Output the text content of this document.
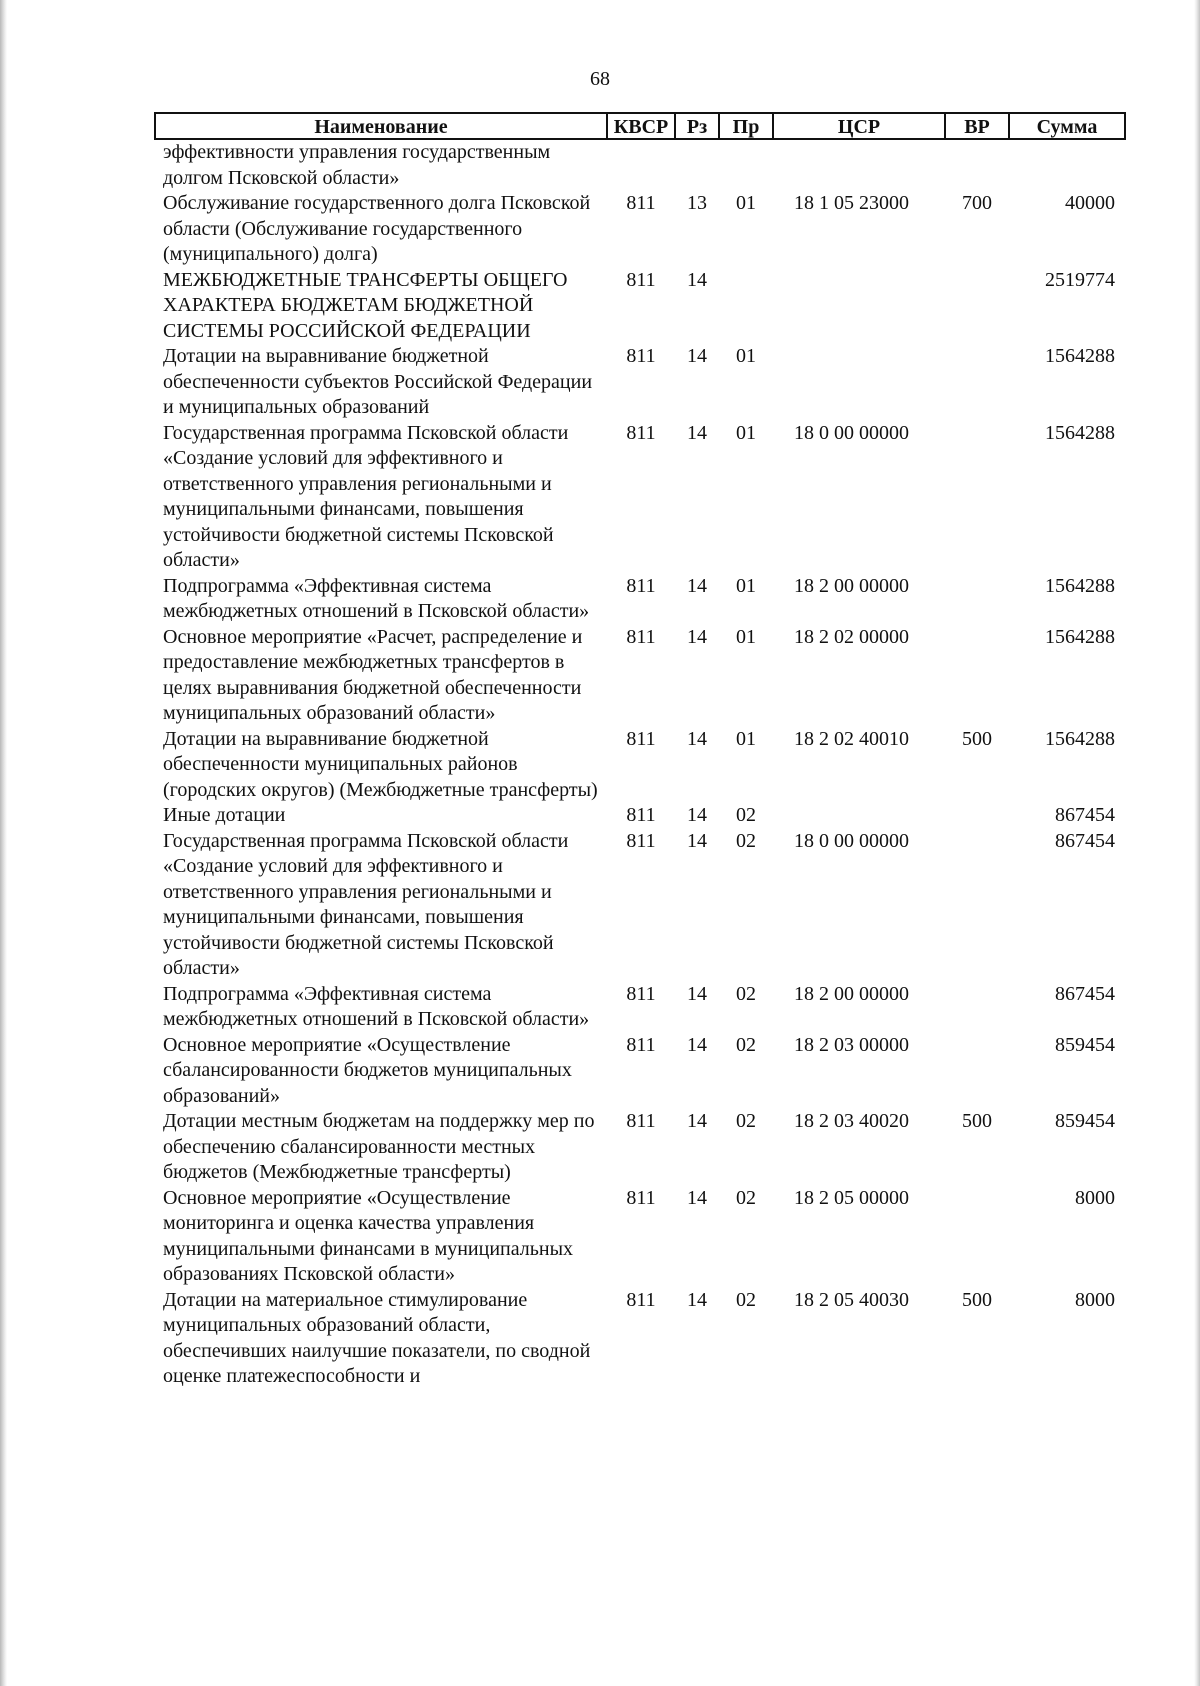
68
Наименование	КВСР	Рз	Пр	ЦСР	ВР	Сумма
эффективности управления государственным долгом Псковской области»						
Обслуживание государственного долга Псковской области (Обслуживание государственного (муниципального) долга)	811	13	01	18 1 05 23000	700	40000
МЕЖБЮДЖЕТНЫЕ ТРАНСФЕРТЫ ОБЩЕГО ХАРАКТЕРА БЮДЖЕТАМ БЮДЖЕТНОЙ СИСТЕМЫ РОССИЙСКОЙ ФЕДЕРАЦИИ	811	14				2519774
Дотации на выравнивание бюджетной обеспеченности субъектов Российской Федерации и муниципальных образований	811	14	01			1564288
Государственная программа Псковской области «Создание условий для эффективного и ответственного управления региональными и муниципальными финансами, повышения устойчивости бюджетной системы Псковской области»	811	14	01	18 0 00 00000		1564288
Подпрограмма «Эффективная система межбюджетных отношений в Псковской области»	811	14	01	18 2 00 00000		1564288
Основное мероприятие «Расчет, распределение и предоставление межбюджетных трансфертов в целях выравнивания бюджетной обеспеченности муниципальных образований области»	811	14	01	18 2 02 00000		1564288
Дотации на выравнивание бюджетной обеспеченности муниципальных районов (городских округов) (Межбюджетные трансферты)	811	14	01	18 2 02 40010	500	1564288
Иные дотации	811	14	02			867454
Государственная программа Псковской области «Создание условий для эффективного и ответственного управления региональными и муниципальными финансами, повышения устойчивости бюджетной системы Псковской области»	811	14	02	18 0 00 00000		867454
Подпрограмма «Эффективная система межбюджетных отношений в Псковской области»	811	14	02	18 2 00 00000		867454
Основное мероприятие «Осуществление сбалансированности бюджетов муниципальных образований»	811	14	02	18 2 03 00000		859454
Дотации местным бюджетам на поддержку мер по обеспечению сбалансированности местных бюджетов (Межбюджетные трансферты)	811	14	02	18 2 03 40020	500	859454
Основное мероприятие «Осуществление мониторинга и оценка качества управления муниципальными финансами в муниципальных образованиях Псковской области»	811	14	02	18 2 05 00000		8000
Дотации на материальное стимулирование муниципальных образований области, обеспечивших наилучшие показатели, по сводной оценке платежеспособности и	811	14	02	18 2 05 40030	500	8000
